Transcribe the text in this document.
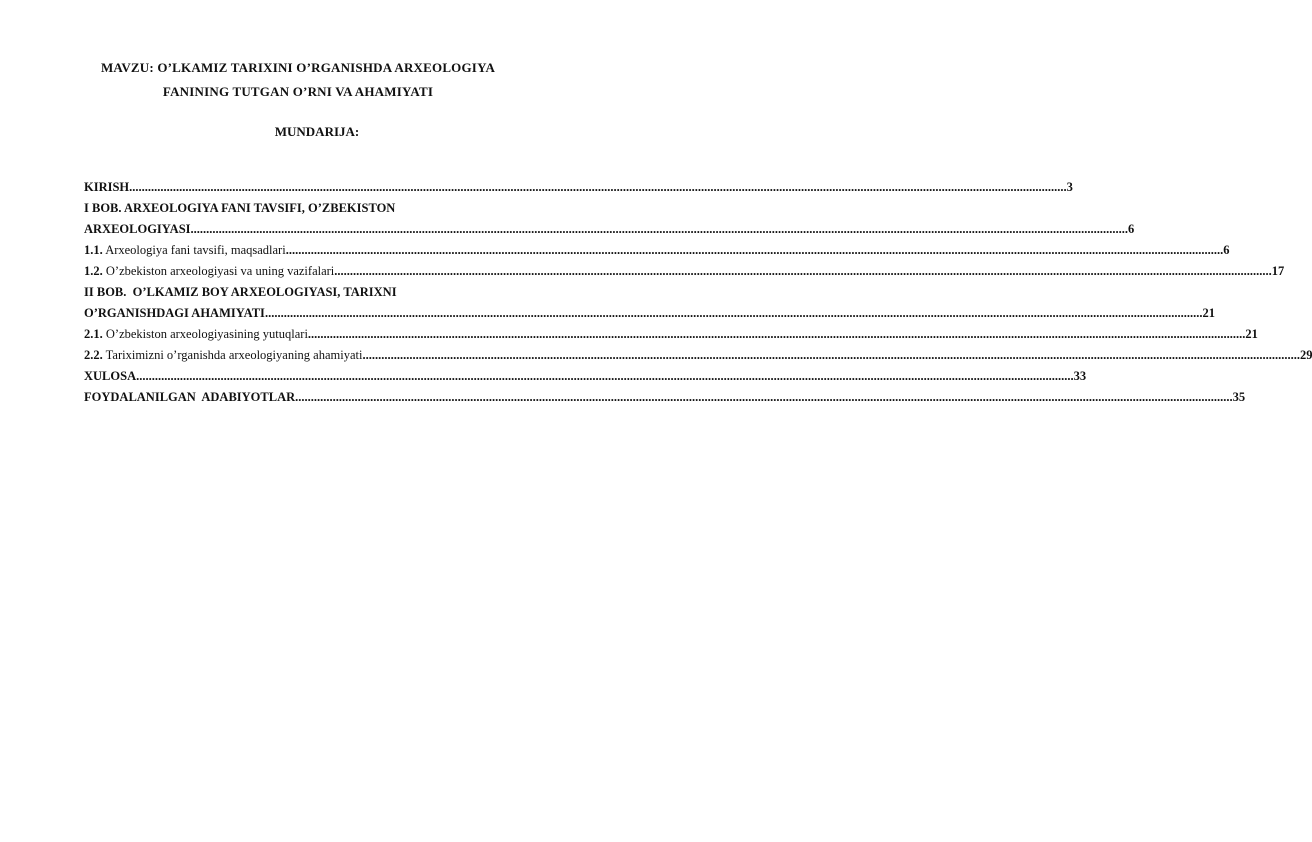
MAVZU: O’LKAMIZ TARIXINI O’RGANISHDA ARXEOLOGIYA
FANINING TUTGAN O’RNI VA AHAMIYATI
MUNDARIJA:
KIRISH ............................................................................................................................................................................................................................................................................................................ 3
I BOB. ARXEOLOGIYA FANI TAVSIFI, O’ZBEKISTON
ARXEOLOGIYASI ............................................................................................................................................................................................................................................................................................................ 6
1.1. Arxeologiya fani tavsifi, maqsadlari ............................................................................................................................................................................................................................................................................................................ 6
1.2. O’zbekiston arxeologiyasi va uning vazifalari ............................................................................................................................................................................................................................................................................................................ 17
II BOB.  O’LKAMIZ BOY ARXEOLOGIYASI, TARIXNI
O’RGANISHDAGI AHAMIYATI ............................................................................................................................................................................................................................................................................................................ 21
2.1. O’zbekiston arxeologiyasining yutuqlari ............................................................................................................................................................................................................................................................................................................ 21
2.2. Tariximizni o’rganishda arxeologiyaning ahamiyati ............................................................................................................................................................................................................................................................................................................ 29
XULOSA ............................................................................................................................................................................................................................................................................................................ 33
FOYDALANILGAN  ADABIYOTLAR ............................................................................................................................................................................................................................................................................................................ 35
